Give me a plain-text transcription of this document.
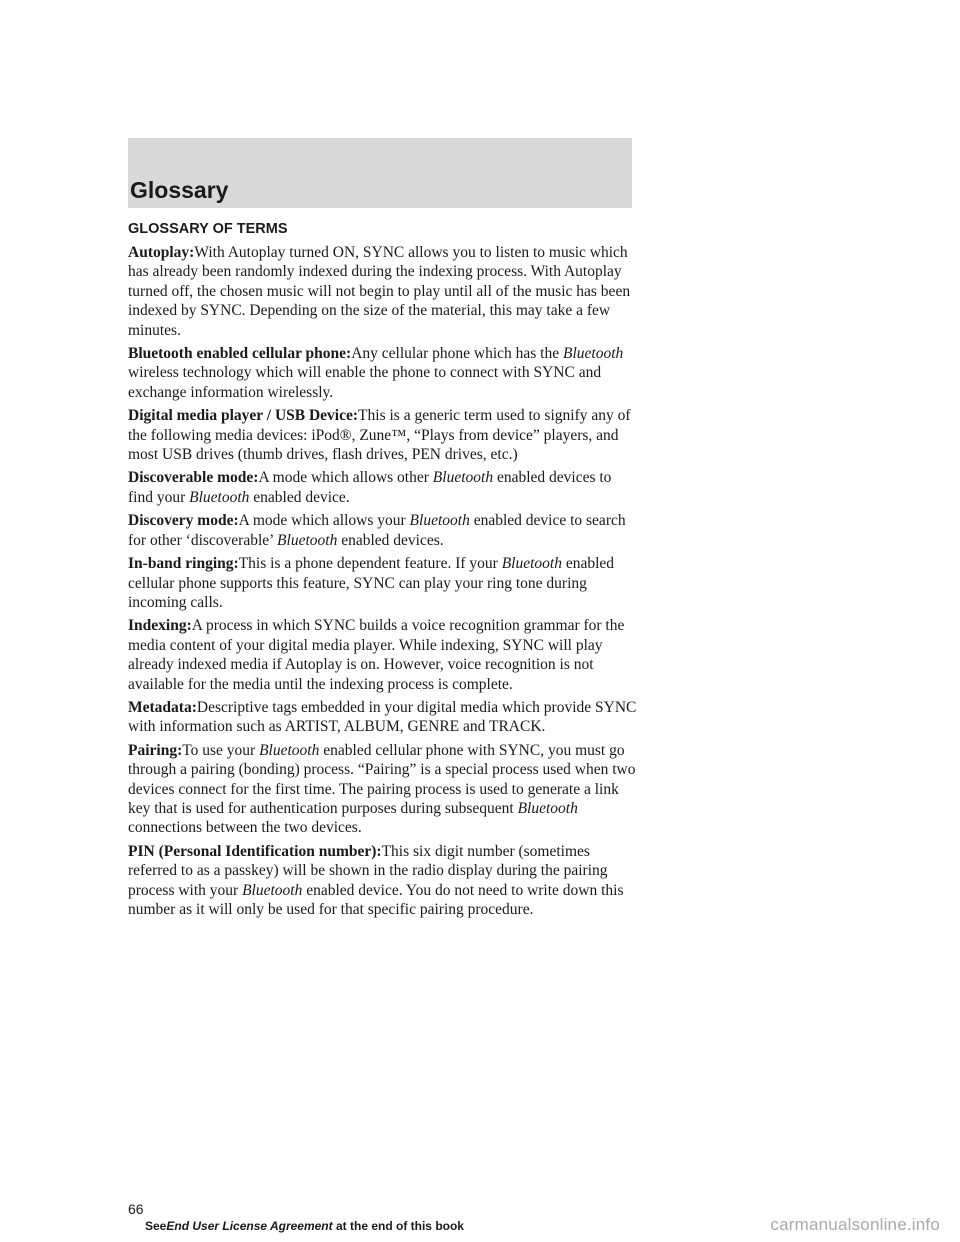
Glossary
GLOSSARY OF TERMS

Autoplay:With Autoplay turned ON, SYNC allows you to listen to music which has already been randomly indexed during the indexing process. With Autoplay turned off, the chosen music will not begin to play until all of the music has been indexed by SYNC. Depending on the size of the material, this may take a few minutes.

Bluetooth enabled cellular phone:Any cellular phone which has the Bluetooth wireless technology which will enable the phone to connect with SYNC and exchange information wirelessly.

Digital media player / USB Device:This is a generic term used to signify any of the following media devices: iPod®, Zune™, “Plays from device” players, and most USB drives (thumb drives, flash drives, PEN drives, etc.)

Discoverable mode:A mode which allows other Bluetooth enabled devices to find your Bluetooth enabled device.

Discovery mode:A mode which allows your Bluetooth enabled device to search for other ‘discoverable’ Bluetooth enabled devices.

In-band ringing:This is a phone dependent feature. If your Bluetooth enabled cellular phone supports this feature, SYNC can play your ring tone during incoming calls.

Indexing:A process in which SYNC builds a voice recognition grammar for the media content of your digital media player. While indexing, SYNC will play already indexed media if Autoplay is on. However, voice recognition is not available for the media until the indexing process is complete.

Metadata:Descriptive tags embedded in your digital media which provide SYNC with information such as ARTIST, ALBUM, GENRE and TRACK.

Pairing:To use your Bluetooth enabled cellular phone with SYNC, you must go through a pairing (bonding) process. “Pairing” is a special process used when two devices connect for the first time. The pairing process is used to generate a link key that is used for authentication purposes during subsequent Bluetooth connections between the two devices.

PIN (Personal Identification number):This six digit number (sometimes referred to as a passkey) will be shown in the radio display during the pairing process with your Bluetooth enabled device. You do not need to write down this number as it will only be used for that specific pairing procedure.

66
SeeEnd User License Agreement at the end of this book	carmanualsonline.info
